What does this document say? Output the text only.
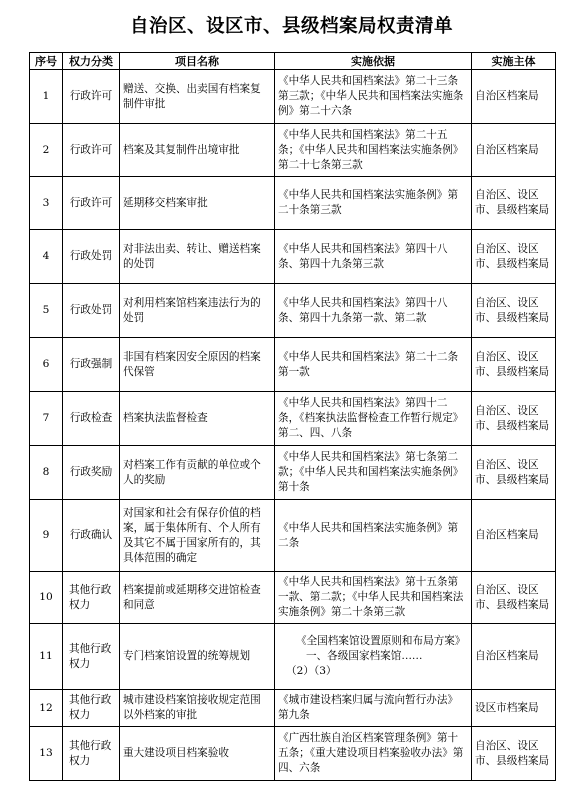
自治区、设区市、县级档案局权责清单
序号	权力分类	项目名称	实施依据	实施主体
1	行政许可	赠送、交换、出卖国有档案复制件审批	《中华人民共和国档案法》第二十三条第三款；《中华人民共和国档案法实施条例》第二十六条	自治区档案局
2	行政许可	档案及其复制件出境审批	《中华人民共和国档案法》第二十五条；《中华人民共和国档案法实施条例》第二十七条第三款	自治区档案局
3	行政许可	延期移交档案审批	《中华人民共和国档案法实施条例》第二十条第三款	自治区、设区市、县级档案局
4	行政处罚	对非法出卖、转让、赠送档案的处罚	《中华人民共和国档案法》第四十八条、第四十九条第三款	自治区、设区市、县级档案局
5	行政处罚	对利用档案馆档案违法行为的处罚	《中华人民共和国档案法》第四十八条、第四十九条第一款、第二款	自治区、设区市、县级档案局
6	行政强制	非国有档案因安全原因的档案代保管	《中华人民共和国档案法》第二十二条第一款	自治区、设区市、县级档案局
7	行政检查	档案执法监督检查	《中华人民共和国档案法》第四十二条，《档案执法监督检查工作暂行规定》第二、四、八条	自治区、设区市、县级档案局
8	行政奖励	对档案工作有贡献的单位或个人的奖励	《中华人民共和国档案法》第七条第二款；《中华人民共和国档案法实施条例》第十条	自治区、设区市、县级档案局
9	行政确认	对国家和社会有保存价值的档案，属于集体所有、个人所有及其它不属于国家所有的，其具体范围的确定	《中华人民共和国档案法实施条例》第二条	自治区档案局
10	其他行政权力	档案提前或延期移交进馆检查和同意	《中华人民共和国档案法》第十五条第一款、第二款；《中华人民共和国档案法实施条例》第二十条第三款	自治区、设区市、县级档案局
11	其他行政权力	专门档案馆设置的统筹规划	《全国档案馆设置原则和布局方案》
一、各级国家档案馆……
（2）（3）	自治区档案局
12	其他行政权力	城市建设档案馆接收规定范围以外档案的审批	《城市建设档案归属与流向暂行办法》第九条	设区市档案局
13	其他行政权力	重大建设项目档案验收	《广西壮族自治区档案管理条例》第十五条；《重大建设项目档案验收办法》第四、六条	自治区、设区市、县级档案局
